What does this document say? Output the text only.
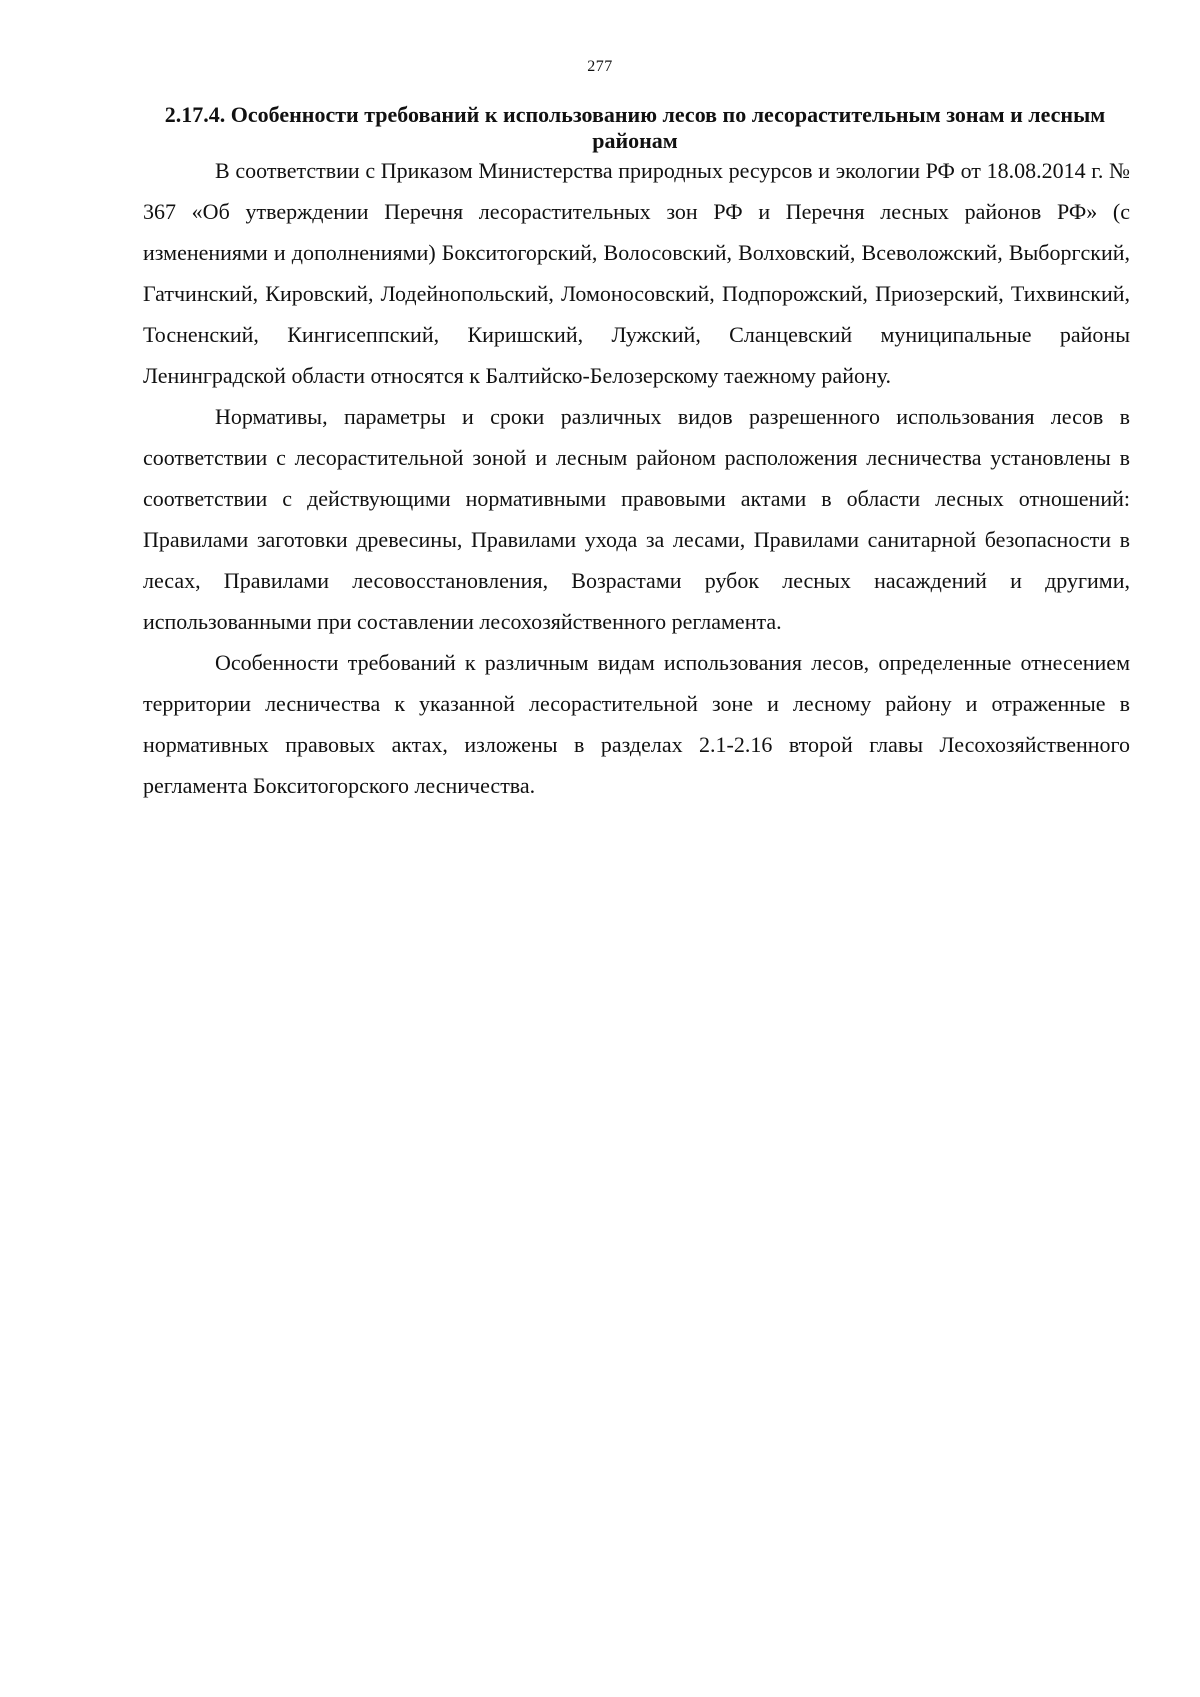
277
2.17.4. Особенности требований к использованию лесов по лесорастительным зонам и лесным районам

В соответствии с Приказом Министерства природных ресурсов и экологии РФ от 18.08.2014 г. № 367 «Об утверждении Перечня лесорастительных зон РФ и Перечня лесных районов РФ» (с изменениями и дополнениями) Бокситогорский, Волосовский, Волховский, Всеволожский, Выборгский, Гатчинский, Кировский, Лодейнопольский, Ломоносовский, Подпорожский, Приозерский, Тихвинский, Тосненский, Кингисеппский, Киришский, Лужский, Сланцевский муниципальные районы Ленинградской области относятся к Балтийско-Белозерскому таежному району.

Нормативы, параметры и сроки различных видов разрешенного использования лесов в соответствии с лесорастительной зоной и лесным районом расположения лесничества установлены в соответствии с действующими нормативными правовыми актами в области лесных отношений: Правилами заготовки древесины, Правилами ухода за лесами, Правилами санитарной безопасности в лесах, Правилами лесовосстановления, Возрастами рубок лесных насаждений и другими, использованными при составлении лесохозяйственного регламента.

Особенности требований к различным видам использования лесов, определенные отнесением территории лесничества к указанной лесорастительной зоне и лесному району и отраженные в нормативных правовых актах, изложены в разделах 2.1-2.16 второй главы Лесохозяйственного регламента Бокситогорского лесничества.
